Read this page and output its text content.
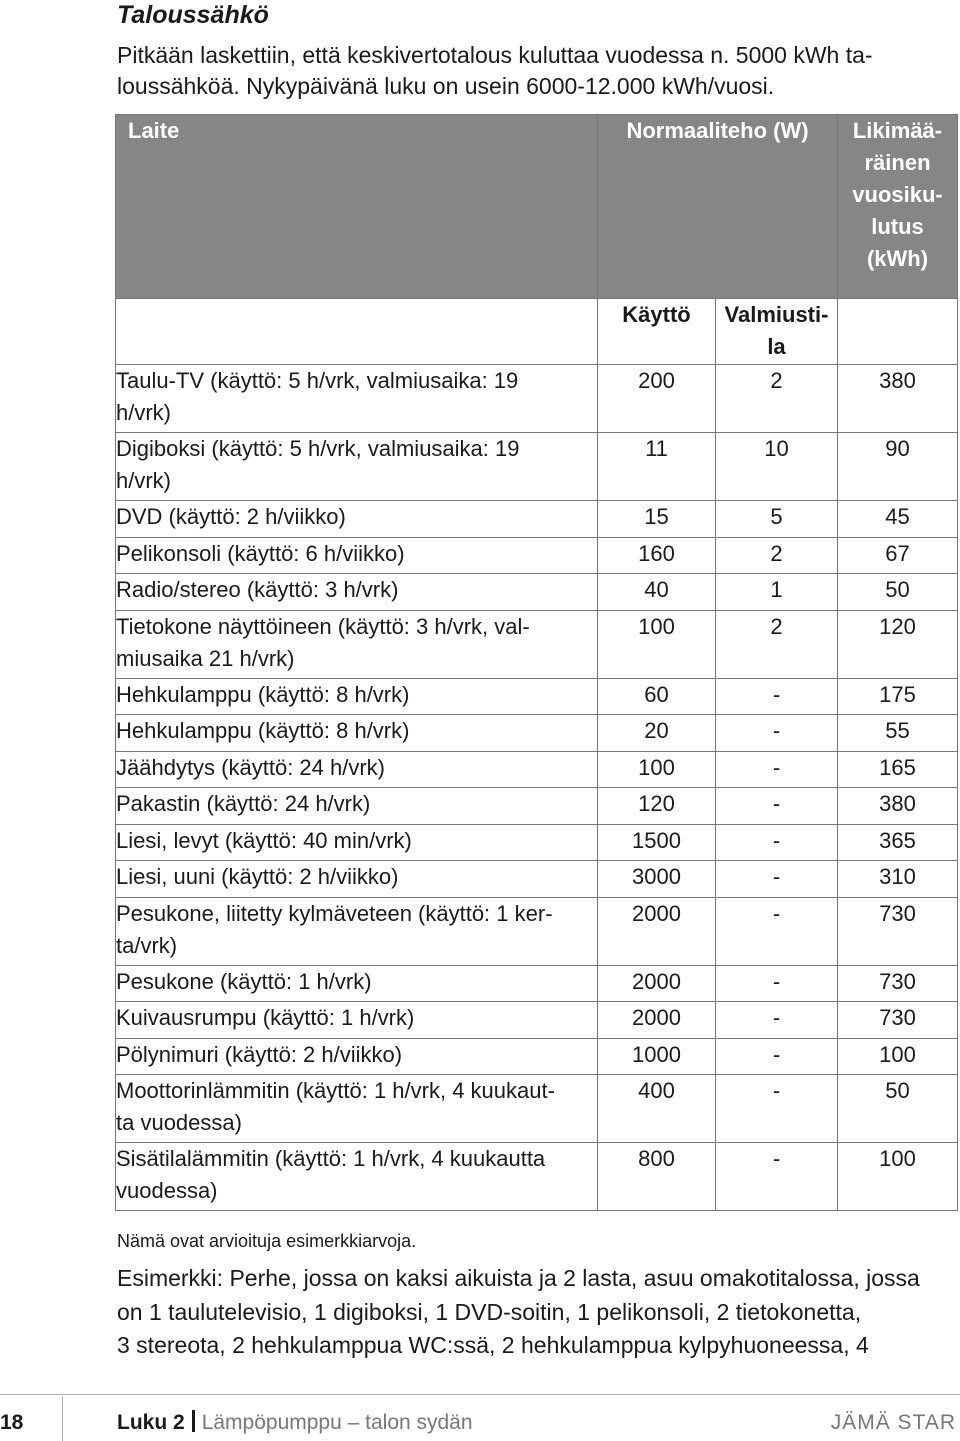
Taloussähkö
Pitkään laskettiin, että keskivertotalous kuluttaa vuodessa n. 5000 kWh ta-
loussähköä. Nykypäivänä luku on usein 6000-12.000 kWh/vuosi.
Laite	Normaaliteho (W)		Likimää-
räinen
vuosiku-
lutus
(kWh)

	Käyttö	Valmiusti-
la	

Taulu-TV (käyttö: 5 h/vrk, valmiusaika: 19
h/vrk)	200	2	380

Digiboksi (käyttö: 5 h/vrk, valmiusaika: 19
h/vrk)	11	10	90

DVD (käyttö: 2 h/viikko)	15	5	45

Pelikonsoli (käyttö: 6 h/viikko)	160	2	67

Radio/stereo (käyttö: 3 h/vrk)	40	1	50

Tietokone näyttöineen (käyttö: 3 h/vrk, val-
miusaika 21 h/vrk)	100	2	120

Hehkulamppu (käyttö: 8 h/vrk)	60	-	175

Hehkulamppu (käyttö: 8 h/vrk)	20	-	55

Jäähdytys (käyttö: 24 h/vrk)	100	-	165

Pakastin (käyttö: 24 h/vrk)	120	-	380

Liesi, levyt (käyttö: 40 min/vrk)	1500	-	365

Liesi, uuni (käyttö: 2 h/viikko)	3000	-	310

Pesukone, liitetty kylmäveteen (käyttö: 1 ker-
ta/vrk)	2000	-	730

Pesukone (käyttö: 1 h/vrk)	2000	-	730

Kuivausrumpu (käyttö: 1 h/vrk)	2000	-	730

Pölynimuri (käyttö: 2 h/viikko)	1000	-	100

Moottorinlämmitin (käyttö: 1 h/vrk, 4 kuukaut-
ta vuodessa)	400	-	50

Sisätilalämmitin (käyttö: 1 h/vrk, 4 kuukautta
vuodessa)	800	-	100
Nämä ovat arvioituja esimerkkiarvoja.
Esimerkki: Perhe, jossa on kaksi aikuista ja 2 lasta, asuu omakotitalossa, jossa
on 1 taulutelevisio, 1 digiboksi, 1 DVD-soitin, 1 pelikonsoli, 2 tietokonetta,
3 stereota, 2 hehkulamppua WC:ssä, 2 hehkulamppua kylpyhuoneessa, 4
18	Luku 2 Lämpöpumppu – talon sydän	JÄMÄ STAR
